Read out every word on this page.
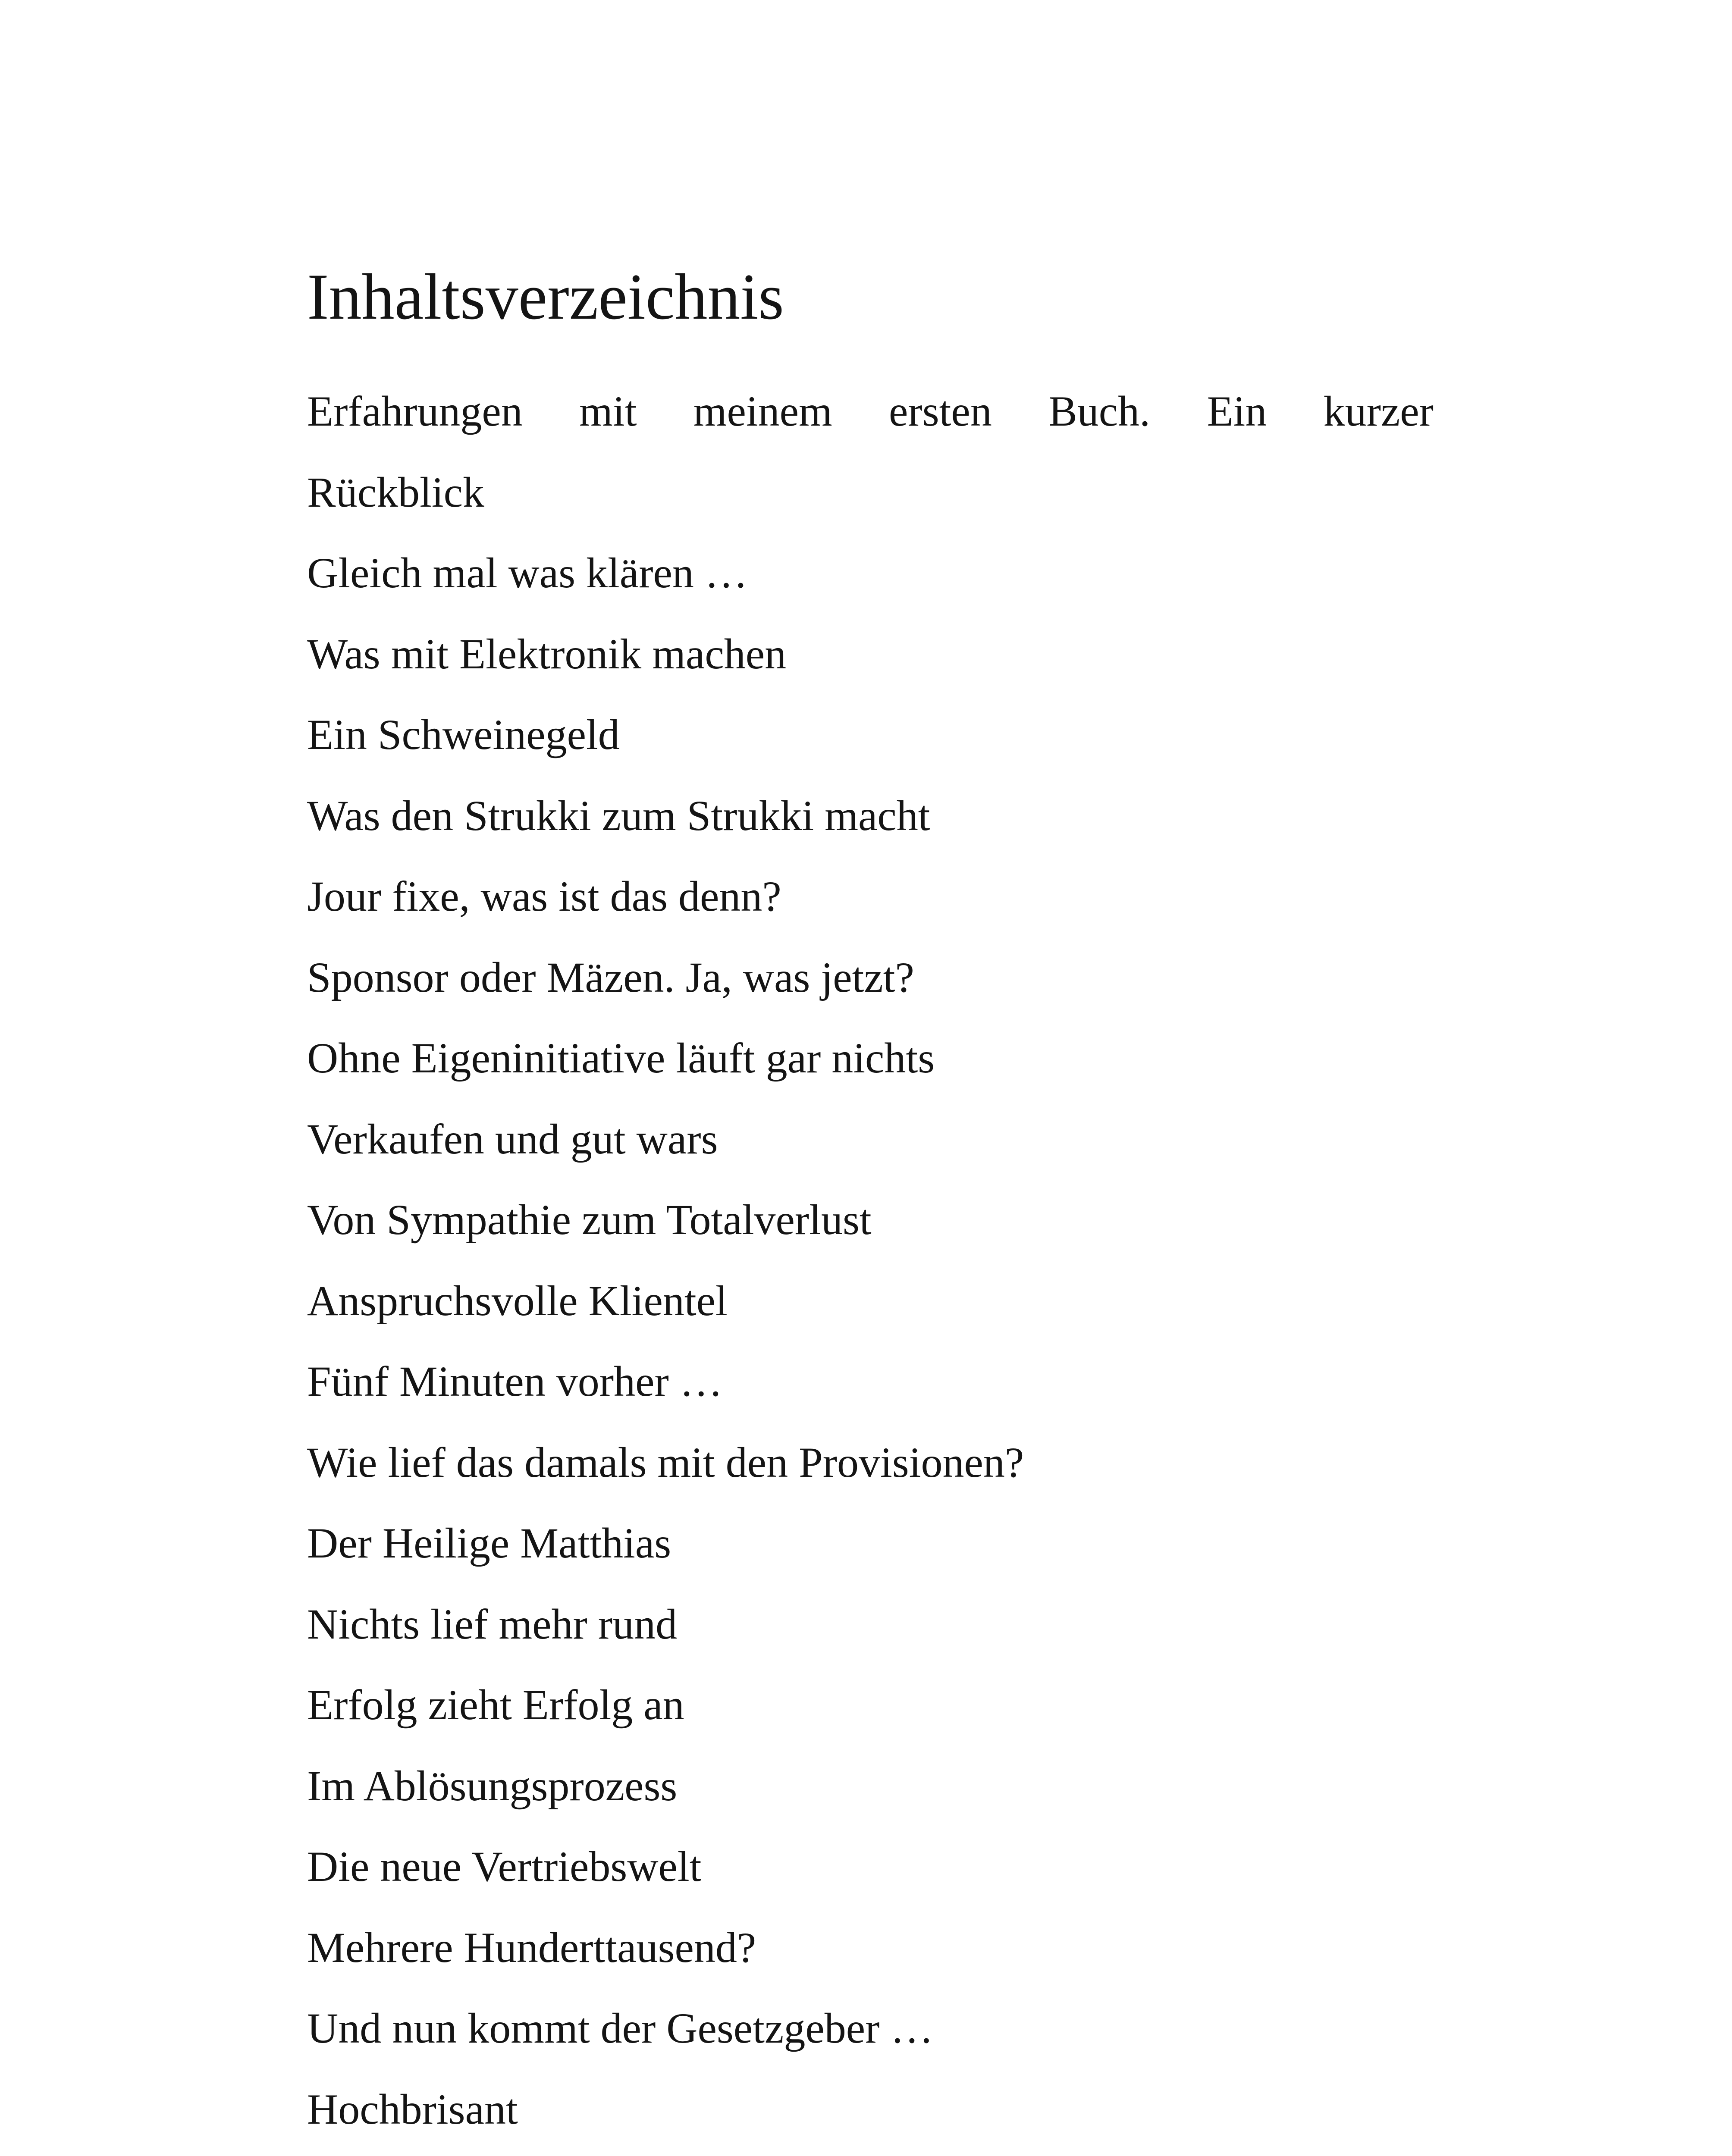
Inhaltsverzeichnis
Erfahrungen mit meinem ersten Buch. Ein kurzer
Rückblick
Gleich mal was klären …
Was mit Elektronik machen
Ein Schweinegeld
Was den Strukki zum Strukki macht
Jour fixe, was ist das denn?
Sponsor oder Mäzen. Ja, was jetzt?
Ohne Eigeninitiative läuft gar nichts
Verkaufen und gut wars
Von Sympathie zum Totalverlust
Anspruchsvolle Klientel
Fünf Minuten vorher …
Wie lief das damals mit den Provisionen?
Der Heilige Matthias
Nichts lief mehr rund
Erfolg zieht Erfolg an
Im Ablösungsprozess
Die neue Vertriebswelt
Mehrere Hunderttausend?
Und nun kommt der Gesetzgeber …
Hochbrisant
